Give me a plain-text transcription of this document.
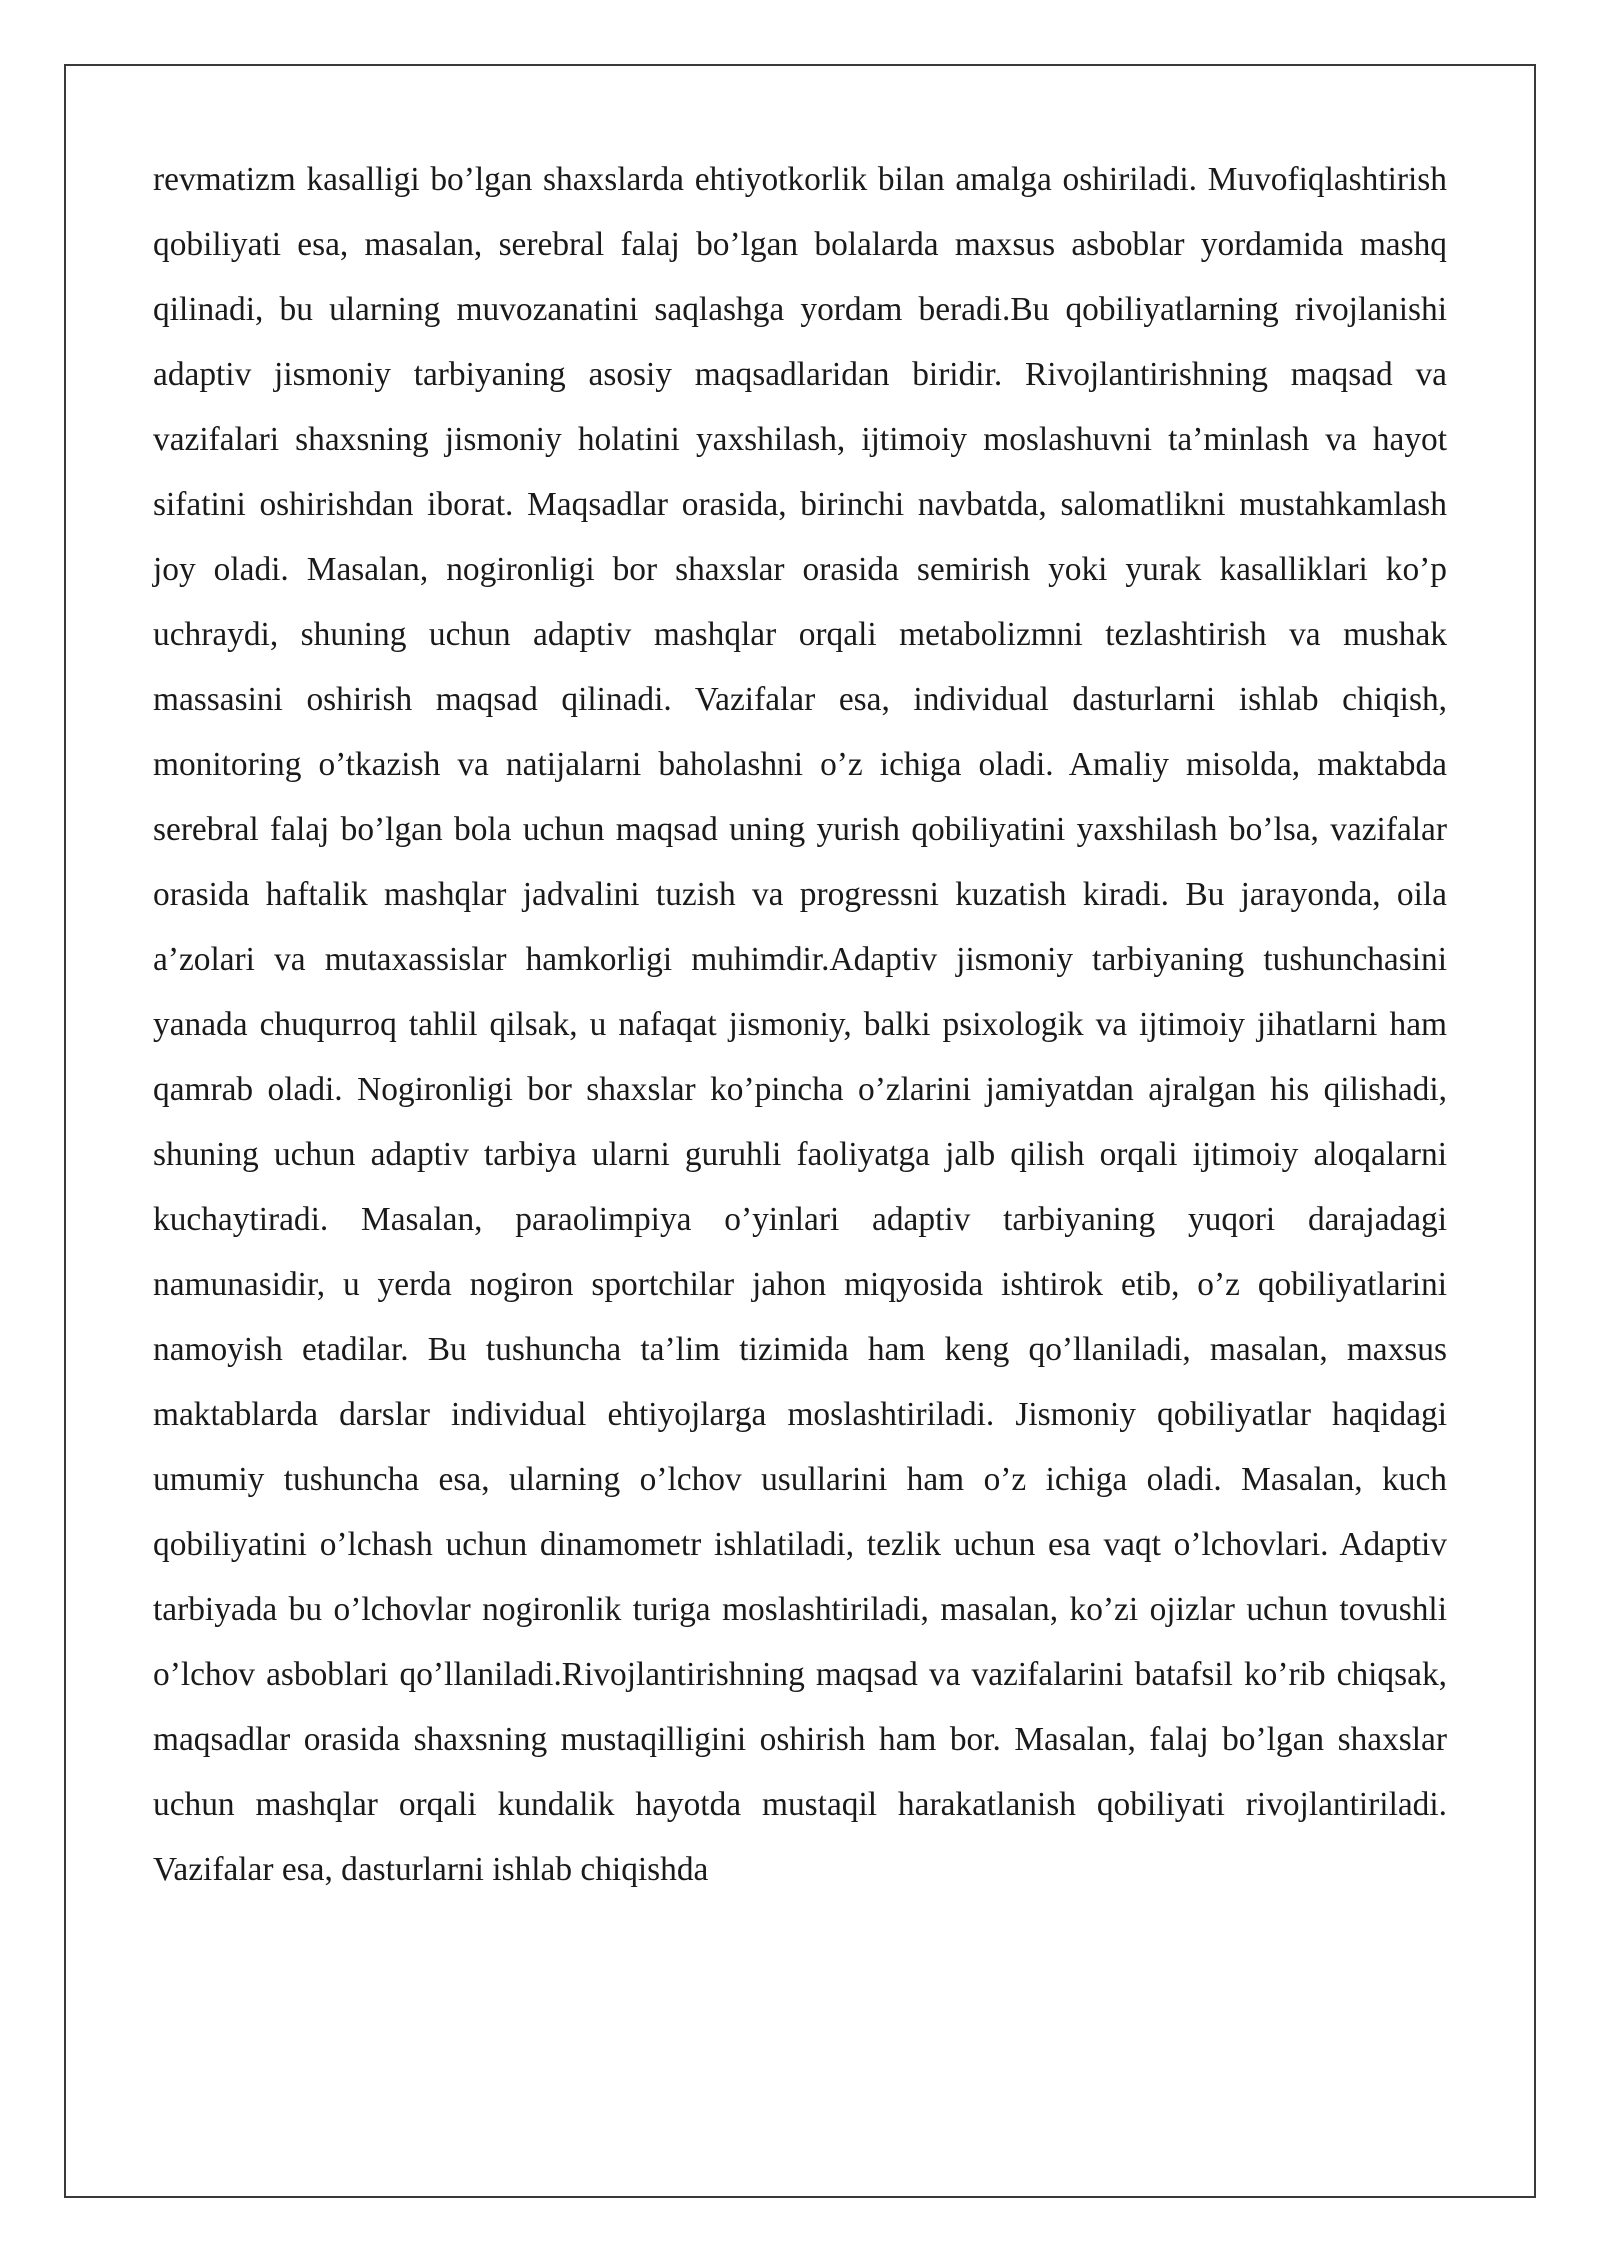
revmatizm kasalligi bo’lgan shaxslarda ehtiyotkorlik bilan amalga oshiriladi. Muvofiqlashtirish qobiliyati esa, masalan, serebral falaj bo’lgan bolalarda maxsus asboblar yordamida mashq qilinadi, bu ularning muvozanatini saqlashga yordam beradi.Bu qobiliyatlarning rivojlanishi adaptiv jismoniy tarbiyaning asosiy maqsadlaridan biridir. Rivojlantirishning maqsad va vazifalari shaxsning jismoniy holatini yaxshilash, ijtimoiy moslashuvni ta’minlash va hayot sifatini oshirishdan iborat. Maqsadlar orasida, birinchi navbatda, salomatlikni mustahkamlash joy oladi. Masalan, nogironligi bor shaxslar orasida semirish yoki yurak kasalliklari ko’p uchraydi, shuning uchun adaptiv mashqlar orqali metabolizmni tezlashtirish va mushak massasini oshirish maqsad qilinadi. Vazifalar esa, individual dasturlarni ishlab chiqish, monitoring o’tkazish va natijalarni baholashni o’z ichiga oladi. Amaliy misolda, maktabda serebral falaj bo’lgan bola uchun maqsad uning yurish qobiliyatini yaxshilash bo’lsa, vazifalar orasida haftalik mashqlar jadvalini tuzish va progressni kuzatish kiradi. Bu jarayonda, oila a’zolari va mutaxassislar hamkorligi muhimdir.Adaptiv jismoniy tarbiyaning tushunchasini yanada chuqurroq tahlil qilsak, u nafaqat jismoniy, balki psixologik va ijtimoiy jihatlarni ham qamrab oladi. Nogironligi bor shaxslar ko’pincha o’zlarini jamiyatdan ajralgan his qilishadi, shuning uchun adaptiv tarbiya ularni guruhli faoliyatga jalb qilish orqali ijtimoiy aloqalarni kuchaytiradi. Masalan, paraolimpiya o’yinlari adaptiv tarbiyaning yuqori darajadagi namunasidir, u yerda nogiron sportchilar jahon miqyosida ishtirok etib, o’z qobiliyatlarini namoyish etadilar. Bu tushuncha ta’lim tizimida ham keng qo’llaniladi, masalan, maxsus maktablarda darslar individual ehtiyojlarga moslashtiriladi. Jismoniy qobiliyatlar haqidagi umumiy tushuncha esa, ularning o’lchov usullarini ham o’z ichiga oladi. Masalan, kuch qobiliyatini o’lchash uchun dinamometr ishlatiladi, tezlik uchun esa vaqt o’lchovlari. Adaptiv tarbiyada bu o’lchovlar nogironlik turiga moslashtiriladi, masalan, ko’zi ojizlar uchun tovushli o’lchov asboblari qo’llaniladi.Rivojlantirishning maqsad va vazifalarini batafsil ko’rib chiqsak, maqsadlar orasida shaxsning mustaqilligini oshirish ham bor. Masalan, falaj bo’lgan shaxslar uchun mashqlar orqali kundalik hayotda mustaqil harakatlanish qobiliyati rivojlantiriladi. Vazifalar esa, dasturlarni ishlab chiqishda
